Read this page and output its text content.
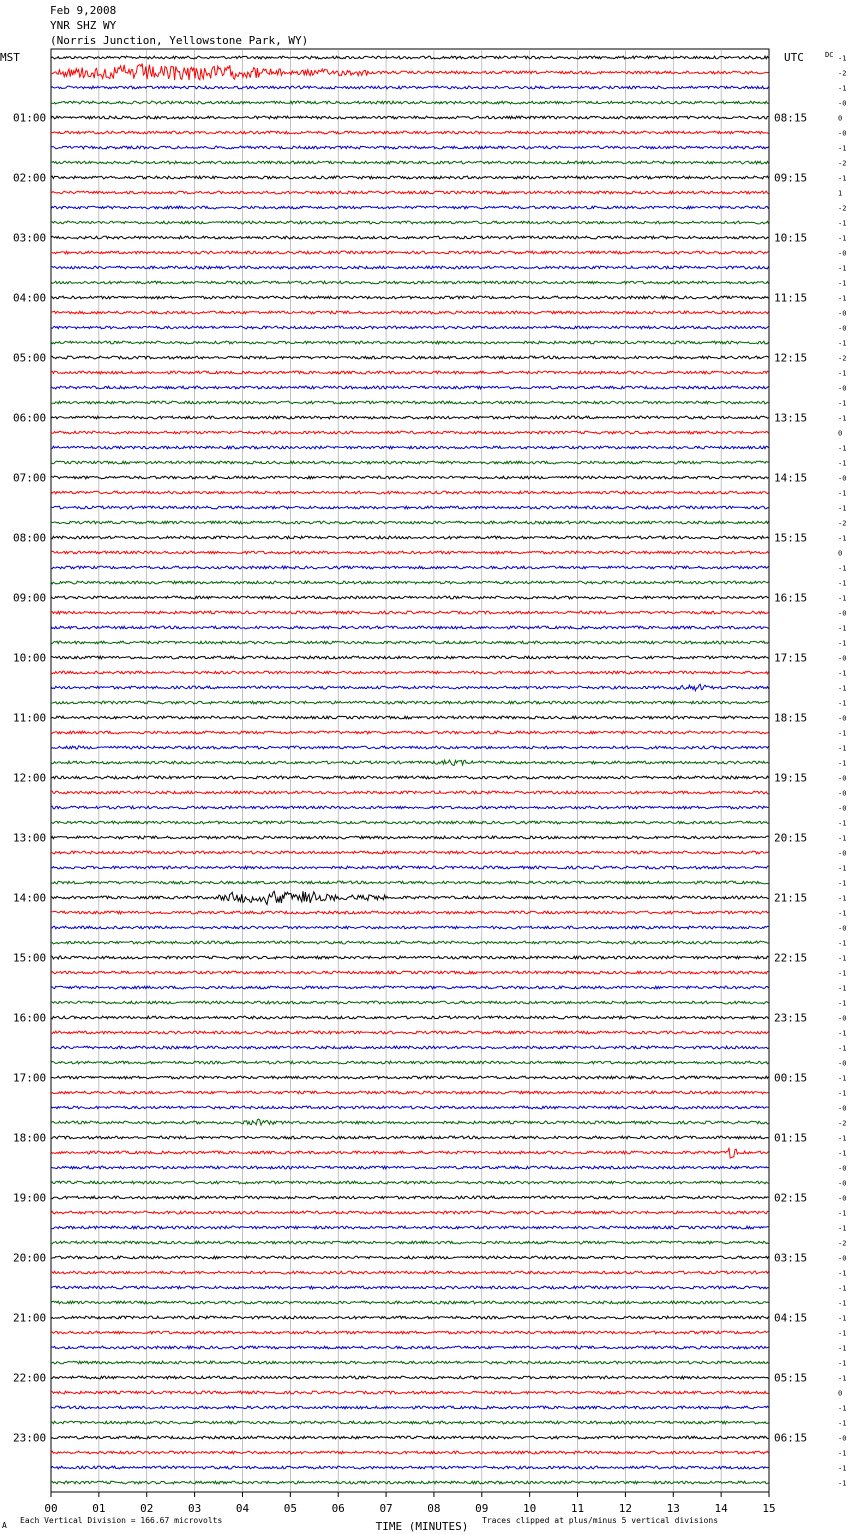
Feb 9,2008
YNR SHZ WY
(Norris Junction, Yellowstone Park, WY)
-1
-2
-1
-0
0
-0
-1
-2
-1
1
-2
-1
-1
-0
-1
-1
-1
-0
-0
-1
-2
-1
-0
-1
-1
0
-1
-1
-0
-1
-1
-2
-1
0
-1
-1
-1
-0
-1
-1
-0
-1
-1
-1
-0
-1
-1
-1
-0
-0
-0
-1
-1
-0
-1
-1
-1
-1
-0
-1
-1
-1
-1
-1
-0
-1
-1
-0
-1
-1
-0
-2
-1
-1
-0
-0
-0
-1
-1
-2
-0
-1
-1
-1
-1
-1
-1
-1
-1
0
-1
-1
-0
-1
-1
-1
MST	UTC	DC
01:00	08:15
02:00	09:15
03:00	10:15
04:00	11:15
05:00	12:15
06:00	13:15
07:00	14:15
08:00	15:15
09:00	16:15
10:00	17:15
11:00	18:15
12:00	19:15
13:00	20:15
14:00	21:15
15:00	22:15
16:00	23:15
17:00	00:15
18:00	01:15
19:00	02:15
20:00	03:15
21:00	04:15
22:00	05:15
23:00	06:15
00	01	02	03	04	05	06	07	08	09	10	11	12	13	14	15
TIME (MINUTES)
Each Vertical Division = 166.67 microvolts	Traces clipped at plus/minus 5 vertical divisions
A
